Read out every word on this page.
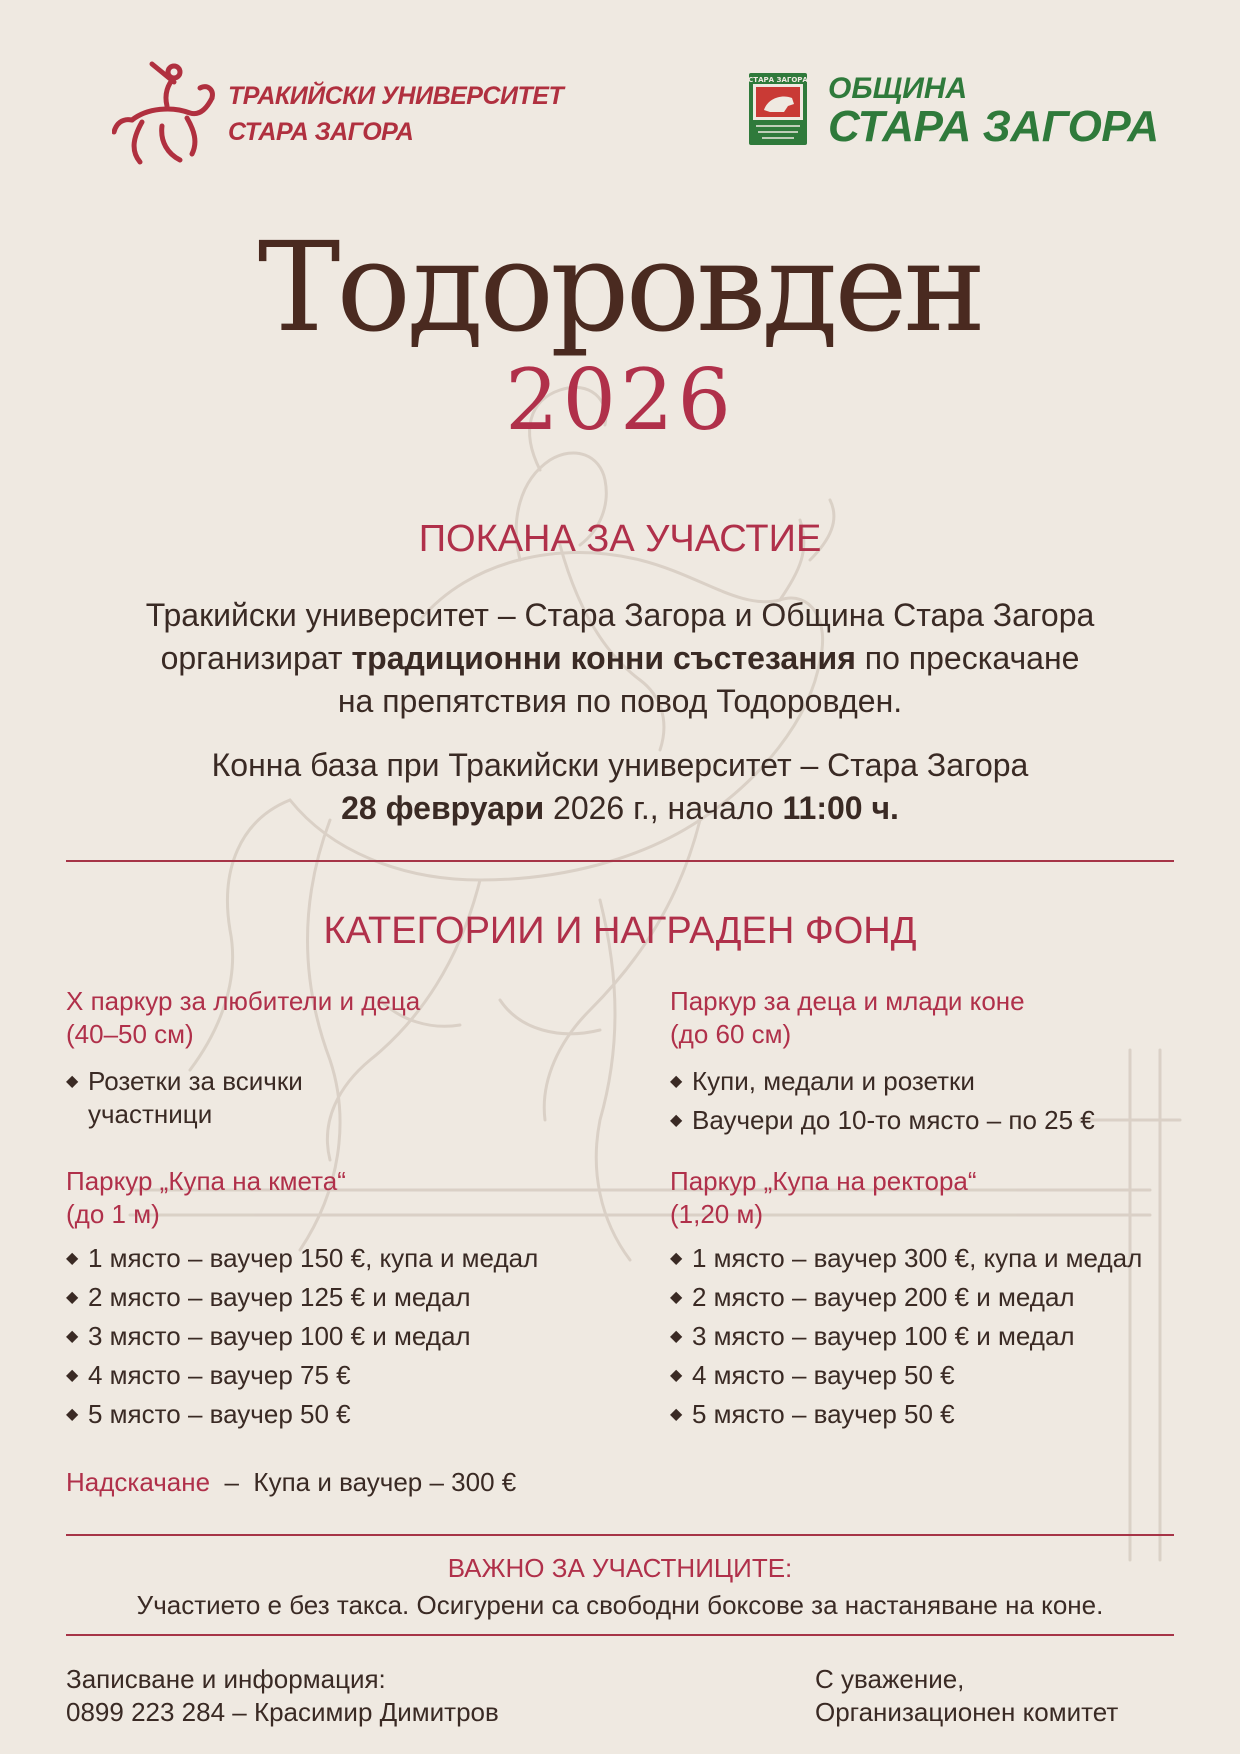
ТРАКИЙСКИ УНИВЕРСИТЕТ
СТАРА ЗАГОРА
СТАРА ЗАГОРА ОБЩИНА
СТАРА ЗАГОРА
Тодоровден
2026
ПОКАНА ЗА УЧАСТИЕ
Тракийски университет – Стара Загора и Община Стара Загора
организират традиционни конни състезания по прескачане
на препятствия по повод Тодоровден.
Конна база при Тракийски университет – Стара Загора
28 февруари 2026 г., начало 11:00 ч.
КАТЕГОРИИ И НАГРАДЕН ФОНД
Х паркур за любители и деца
(40–50 см)
◆ Розетки за всички
участници
Паркур за деца и млади коне
(до 60 см)
◆ Купи, медали и розетки
◆ Ваучери до 10-то място – по 25 €
Паркур „Купа на кмета“
(до 1 м)
◆ 1 място – ваучер 150 €, купа и медал
◆ 2 място – ваучер 125 € и медал
◆ 3 място – ваучер 100 € и медал
◆ 4 място – ваучер 75 €
◆ 5 място – ваучер 50 €
Паркур „Купа на ректора“
(1,20 м)
◆ 1 място – ваучер 300 €, купа и медал
◆ 2 място – ваучер 200 € и медал
◆ 3 място – ваучер 100 € и медал
◆ 4 място – ваучер 50 €
◆ 5 място – ваучер 50 €
Надскачане  –  Купа и ваучер – 300 €
ВАЖНО ЗА УЧАСТНИЦИТЕ:
Участието е без такса. Осигурени са свободни боксове за настаняване на коне.
Записване и информация:
0899 223 284 – Красимир Димитров
С уважение,
Организационен комитет
